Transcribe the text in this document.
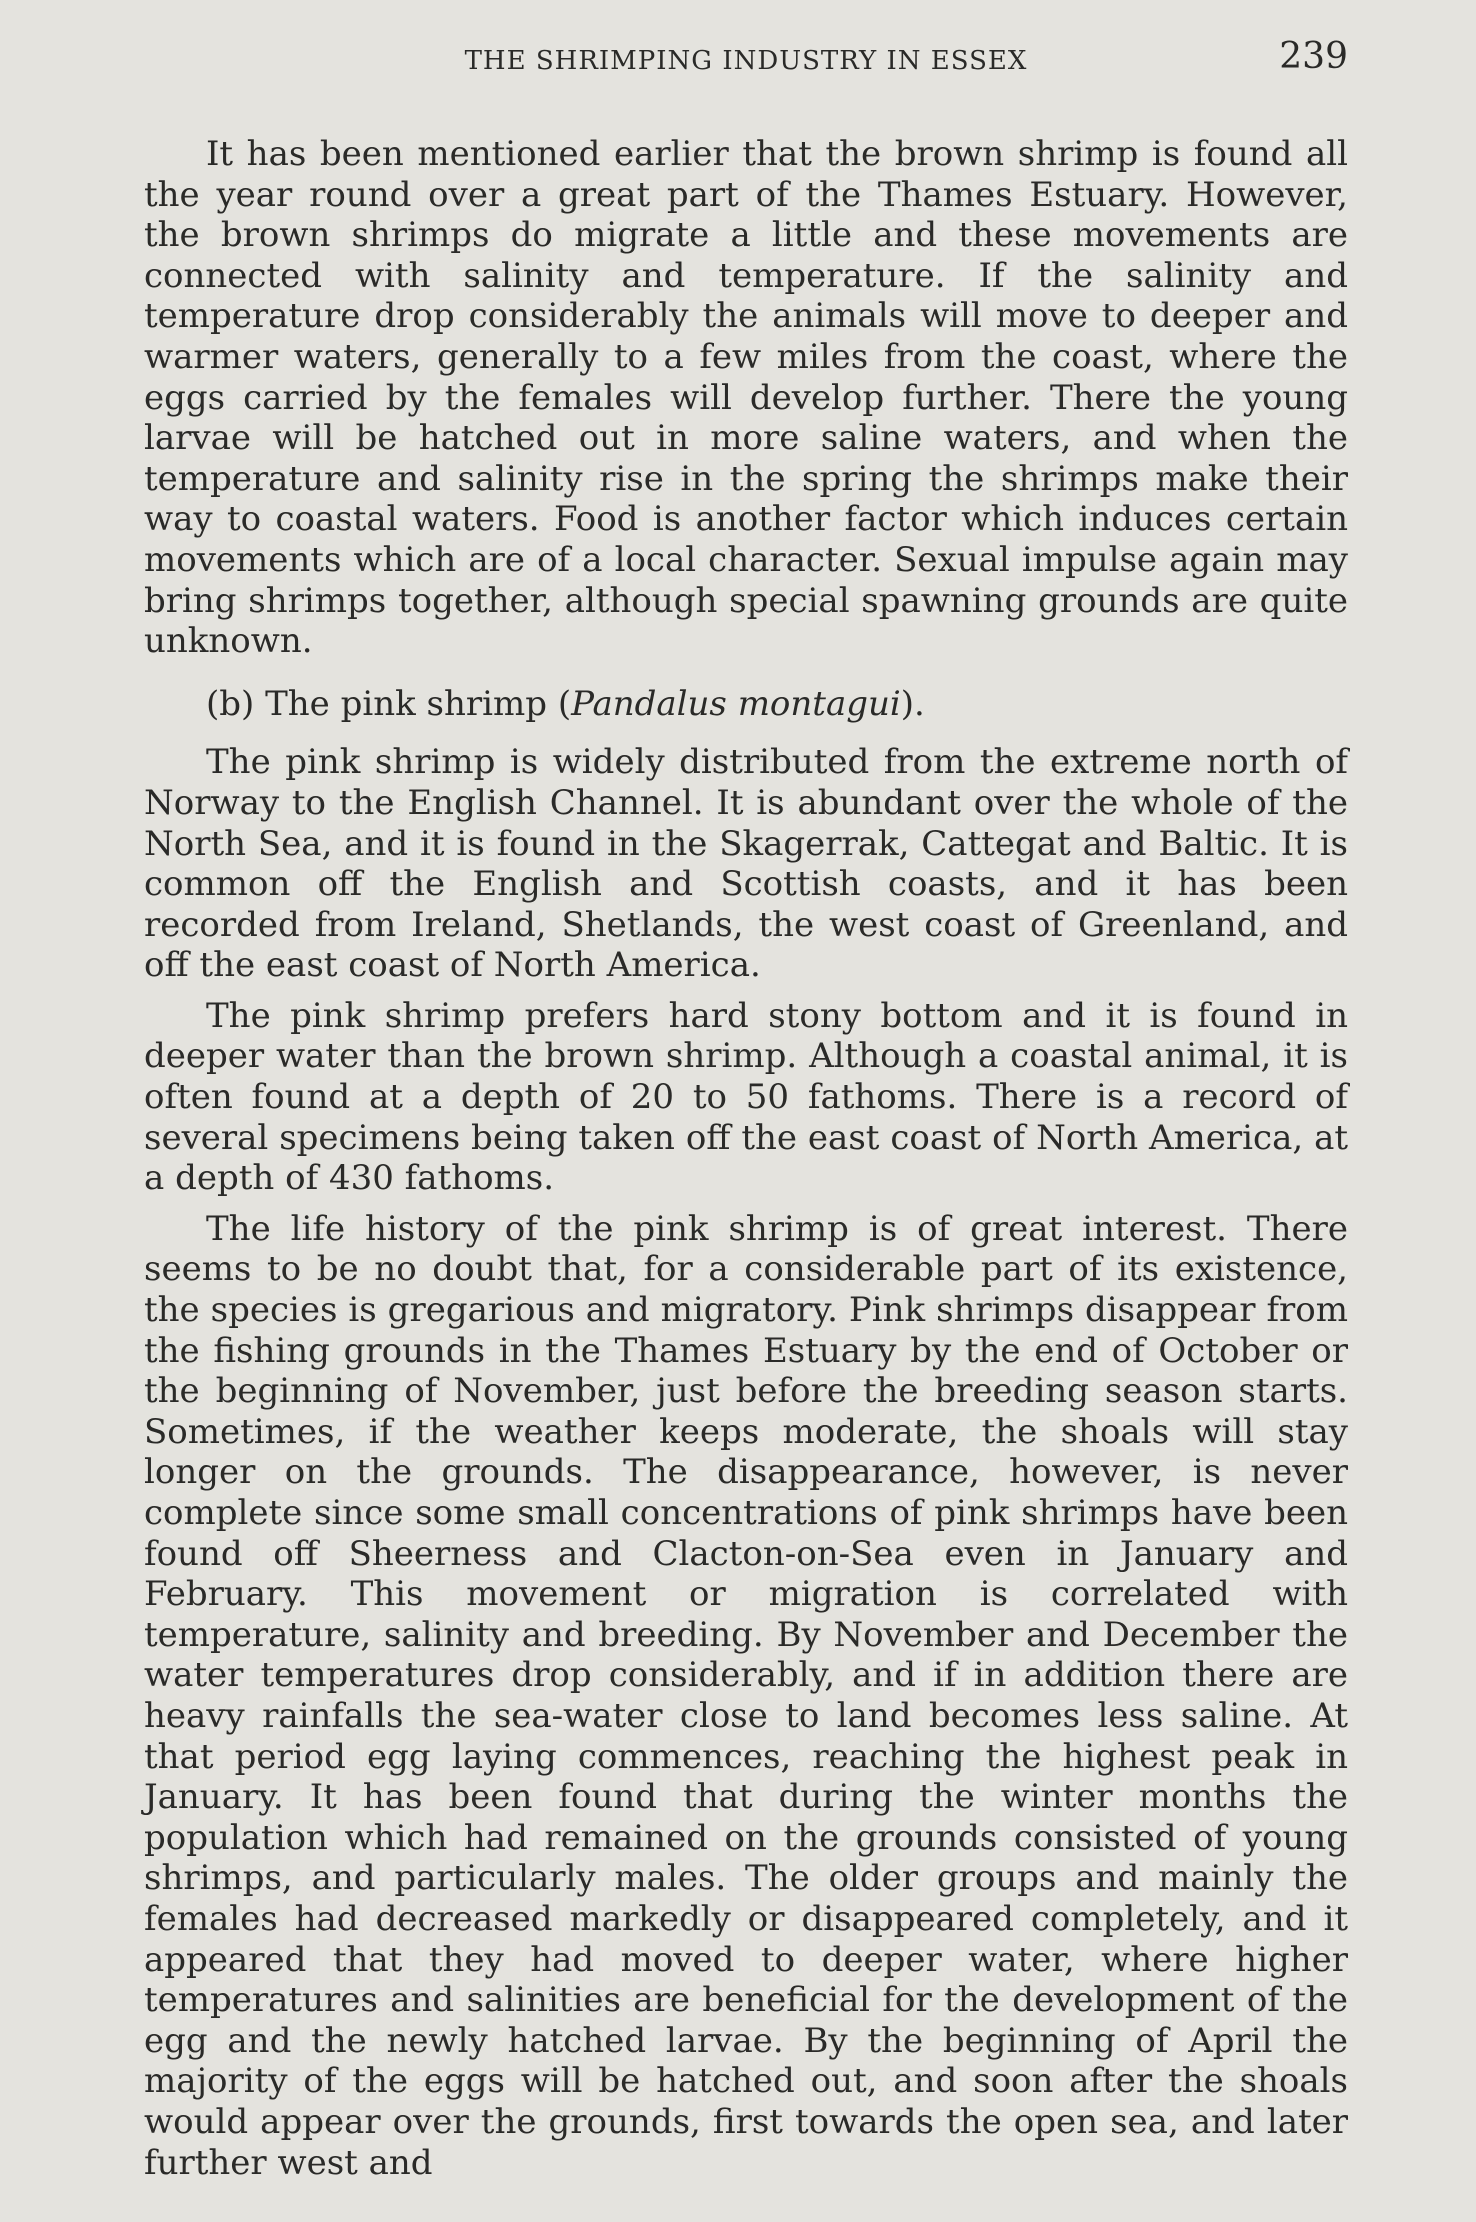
THE SHRIMPING INDUSTRY IN ESSEX	239

It has been mentioned earlier that the brown shrimp is found all the year round over a great part of the Thames Estuary. However, the brown shrimps do migrate a little and these movements are connected with salinity and temperature. If the salinity and temperature drop considerably the animals will move to deeper and warmer waters, generally to a few miles from the coast, where the eggs carried by the females will develop further. There the young larvae will be hatched out in more saline waters, and when the temperature and salinity rise in the spring the shrimps make their way to coastal waters. Food is another factor which induces certain movements which are of a local character. Sexual impulse again may bring shrimps together, although special spawning grounds are quite unknown.

(b) The pink shrimp (Pandalus montagui).

The pink shrimp is widely distributed from the extreme north of Norway to the English Channel. It is abundant over the whole of the North Sea, and it is found in the Skagerrak, Cattegat and Baltic. It is common off the English and Scottish coasts, and it has been recorded from Ireland, Shetlands, the west coast of Greenland, and off the east coast of North America.

The pink shrimp prefers hard stony bottom and it is found in deeper water than the brown shrimp. Although a coastal animal, it is often found at a depth of 20 to 50 fathoms. There is a record of several specimens being taken off the east coast of North America, at a depth of 430 fathoms.

The life history of the pink shrimp is of great interest. There seems to be no doubt that, for a considerable part of its existence, the species is gregarious and migratory. Pink shrimps disappear from the fishing grounds in the Thames Estuary by the end of October or the beginning of November, just before the breeding season starts. Sometimes, if the weather keeps moderate, the shoals will stay longer on the grounds. The disappearance, however, is never complete since some small concentrations of pink shrimps have been found off Sheerness and Clacton-on-Sea even in January and February. This movement or migration is correlated with temperature, salinity and breeding. By November and December the water temperatures drop considerably, and if in addition there are heavy rainfalls the sea-water close to land becomes less saline. At that period egg laying commences, reaching the highest peak in January. It has been found that during the winter months the population which had remained on the grounds consisted of young shrimps, and particularly males. The older groups and mainly the females had decreased markedly or disappeared completely, and it appeared that they had moved to deeper water, where higher temperatures and salinities are beneficial for the development of the egg and the newly hatched larvae. By the beginning of April the majority of the eggs will be hatched out, and soon after the shoals would appear over the grounds, first towards the open sea, and later further west and
